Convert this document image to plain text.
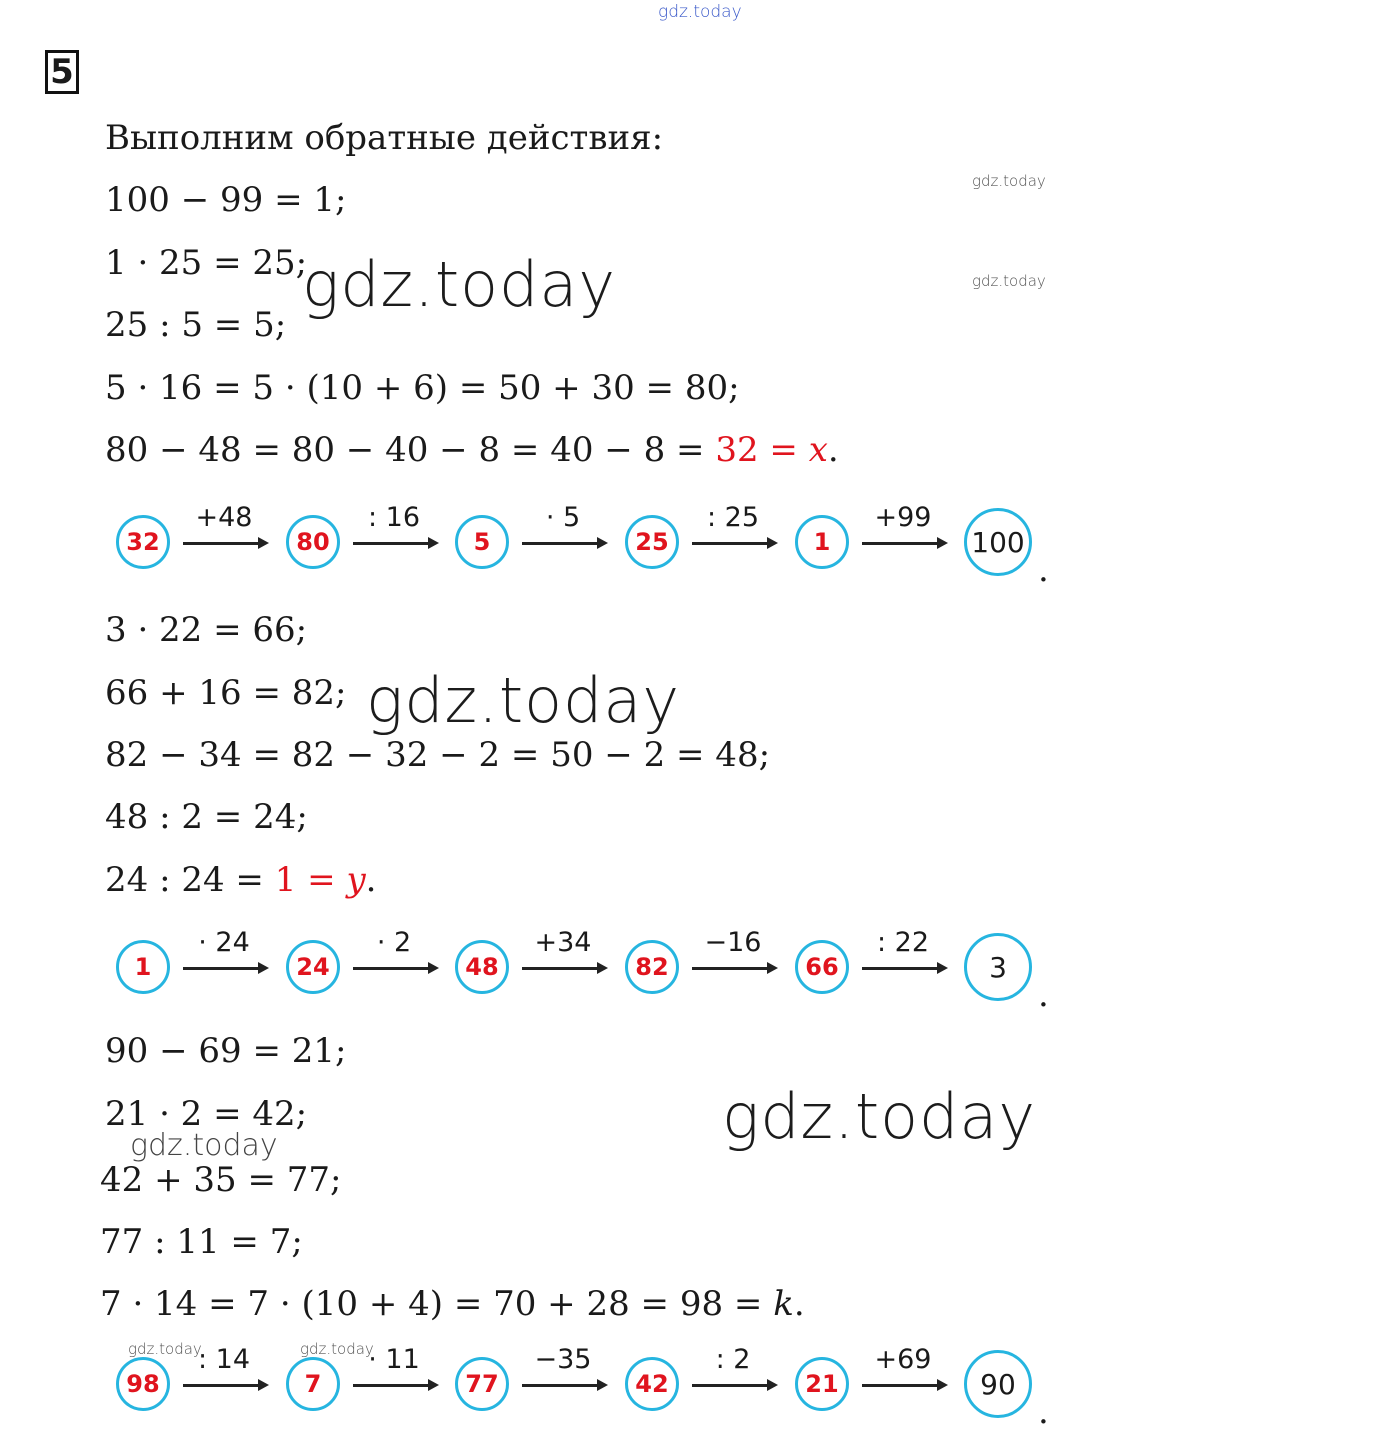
gdz.today
5
Выполним обратные действия:
100 − 99 = 1;
1 · 25 = 25;
25 : 5 = 5;
5 · 16 = 5 · (10 + 6) = 50 + 30 = 80;
80 − 48 = 80 − 40 − 8 = 40 − 8 = 32 = x.
32	80	5	25	1	100
+48	: 16	· 5	: 25	+99
.
3 · 22 = 66;
66 + 16 = 82;
82 − 34 = 82 − 32 − 2 = 50 − 2 = 48;
48 : 2 = 24;
24 : 24 = 1 = y.
1	24	48	82	66	3
· 24	· 2	+34	−16	: 22
.
90 − 69 = 21;
21 · 2 = 42;
42 + 35 = 77;
77 : 11 = 7;
7 · 14 = 7 · (10 + 4) = 70 + 28 = 98 = k.
98	7	77	42	21	90
: 14	· 11	−35	: 2	+69
.
gdz.today
gdz.today
gdz.today
gdz.today
gdz.today
gdz.today
gdz.today	gdz.today
